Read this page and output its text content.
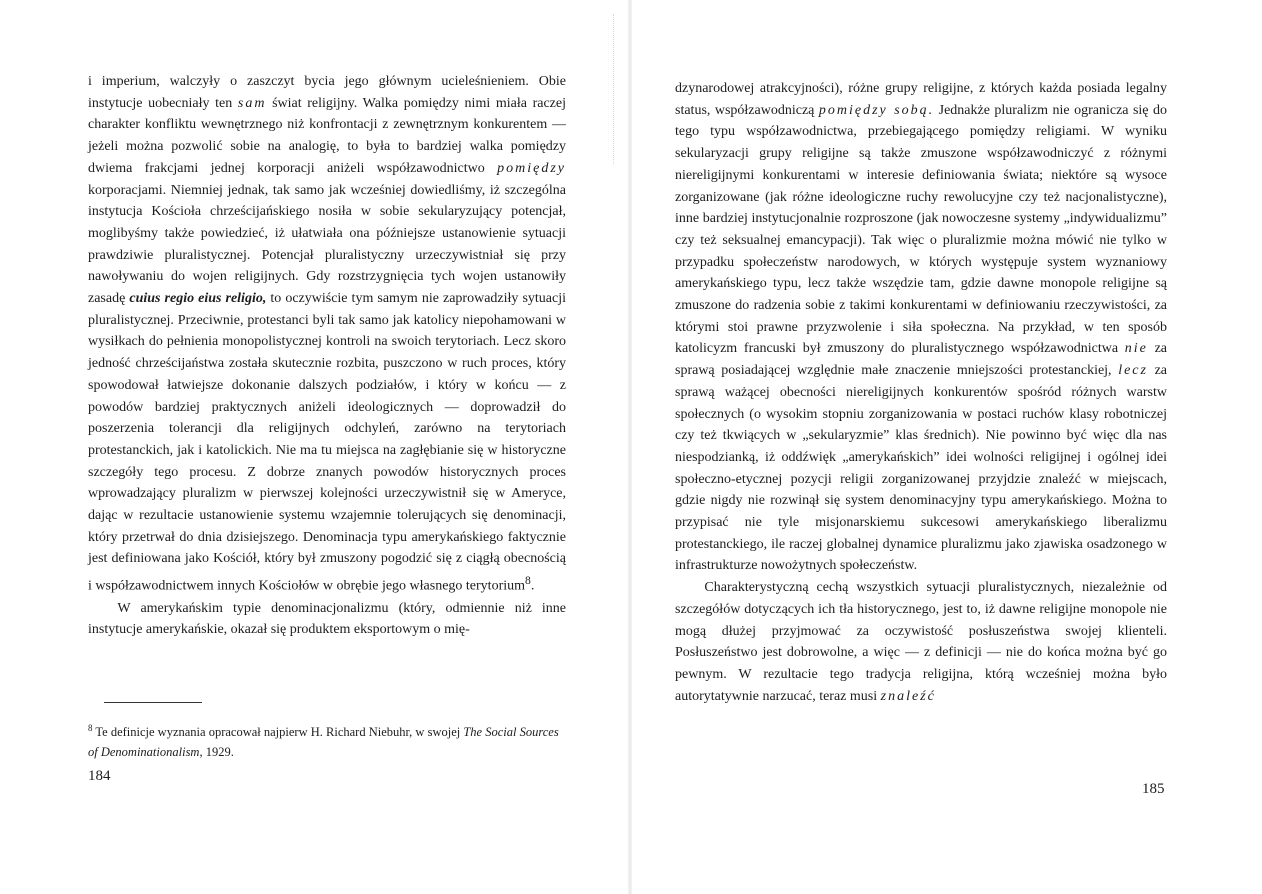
i imperium, walczyły o zaszczyt bycia jego głównym ucieleśnieniem. Obie instytucje uobecniały ten sam świat religijny. Walka pomiędzy nimi miała raczej charakter konfliktu wewnętrznego niż konfrontacji z zewnętrznym konkurentem — jeżeli można pozwolić sobie na analogię, to była to bardziej walka pomiędzy dwiema frakcjami jednej korporacji aniżeli współzawodnictwo pomiędzy korporacjami. Niemniej jednak, tak samo jak wcześniej dowiedliśmy, iż szczególna instytucja Kościoła chrześcijańskiego nosiła w sobie sekularyzujący potencjał, moglibyśmy także powiedzieć, iż ułatwiała ona późniejsze ustanowienie sytuacji prawdziwie pluralistycznej. Potencjał pluralistyczny urzeczywistniał się przy nawoływaniu do wojen religijnych. Gdy rozstrzygnięcia tych wojen ustanowiły zasadę cuius regio eius religio, to oczywiście tym samym nie zaprowadziły sytuacji pluralistycznej. Przeciwnie, protestanci byli tak samo jak katolicy niepohamowani w wysiłkach do pełnienia monopolistycznej kontroli na swoich terytoriach. Lecz skoro jedność chrześcijaństwa została skutecznie rozbita, puszczono w ruch proces, który spowodował łatwiejsze dokonanie dalszych podziałów, i który w końcu — z powodów bardziej praktycznych aniżeli ideologicznych — doprowadził do poszerzenia tolerancji dla religijnych odchyleń, zarówno na terytoriach protestanckich, jak i katolickich. Nie ma tu miejsca na zagłębianie się w historyczne szczegóły tego procesu. Z dobrze znanych powodów historycznych proces wprowadzający pluralizm w pierwszej kolejności urzeczywistnił się w Ameryce, dając w rezultacie ustanowienie systemu wzajemnie tolerujących się denominacji, który przetrwał do dnia dzisiejszego. Denominacja typu amerykańskiego faktycznie jest definiowana jako Kościół, który był zmuszony pogodzić się z ciągłą obecnością i współzawodnictwem innych Kościołów w obrębie jego własnego terytorium$^8$.

W amerykańskim typie denominacjonalizmu (który, odmiennie niż inne instytucje amerykańskie, okazał się produktem eksportowym o mię-

$^8$ Te definicje wyznania opracował najpierw H. Richard Niebuhr, w swojej The Social Sources of Denominationalism, 1929.

184

dzynarodowej atrakcyjności), różne grupy religijne, z których każda posiada legalny status, współzawodniczą pomiędzy sobą. Jednakże pluralizm nie ogranicza się do tego typu współzawodnictwa, przebiegającego pomiędzy religiami. W wyniku sekularyzacji grupy religijne są także zmuszone współzawodniczyć z różnymi niereligijnymi konkurentami w interesie definiowania świata; niektóre są wysoce zorganizowane (jak różne ideologiczne ruchy rewolucyjne czy też nacjonalistyczne), inne bardziej instytucjonalnie rozproszone (jak nowoczesne systemy „indywidualizmu” czy też seksualnej emancypacji). Tak więc o pluralizmie można mówić nie tylko w przypadku społeczeństw narodowych, w których występuje system wyznaniowy amerykańskiego typu, lecz także wszędzie tam, gdzie dawne monopole religijne są zmuszone do radzenia sobie z takimi konkurentami w definiowaniu rzeczywistości, za którymi stoi prawne przyzwolenie i siła społeczna. Na przykład, w ten sposób katolicyzm francuski był zmuszony do pluralistycznego współzawodnictwa nie za sprawą posiadającej względnie małe znaczenie mniejszości protestanckiej, lecz za sprawą ważącej obecności niereligijnych konkurentów spośród różnych warstw społecznych (o wysokim stopniu zorganizowania w postaci ruchów klasy robotniczej czy też tkwiących w „sekularyzmie” klas średnich). Nie powinno być więc dla nas niespodzianką, iż oddźwięk „amerykańskich” idei wolności religijnej i ogólnej idei społeczno-etycznej pozycji religii zorganizowanej przyjdzie znaleźć w miejscach, gdzie nigdy nie rozwinął się system denominacyjny typu amerykańskiego. Można to przypisać nie tyle misjonarskiemu sukcesowi amerykańskiego liberalizmu protestanckiego, ile raczej globalnej dynamice pluralizmu jako zjawiska osadzonego w infrastrukturze nowożytnych społeczeństw.

Charakterystyczną cechą wszystkich sytuacji pluralistycznych, niezależnie od szczegółów dotyczących ich tła historycznego, jest to, iż dawne religijne monopole nie mogą dłużej przyjmować za oczywistość posłuszeństwa swojej klienteli. Posłuszeństwo jest dobrowolne, a więc — z definicji — nie do końca można być go pewnym. W rezultacie tego tradycja religijna, którą wcześniej można było autorytatywnie narzucać, teraz musi znaleźć

185
